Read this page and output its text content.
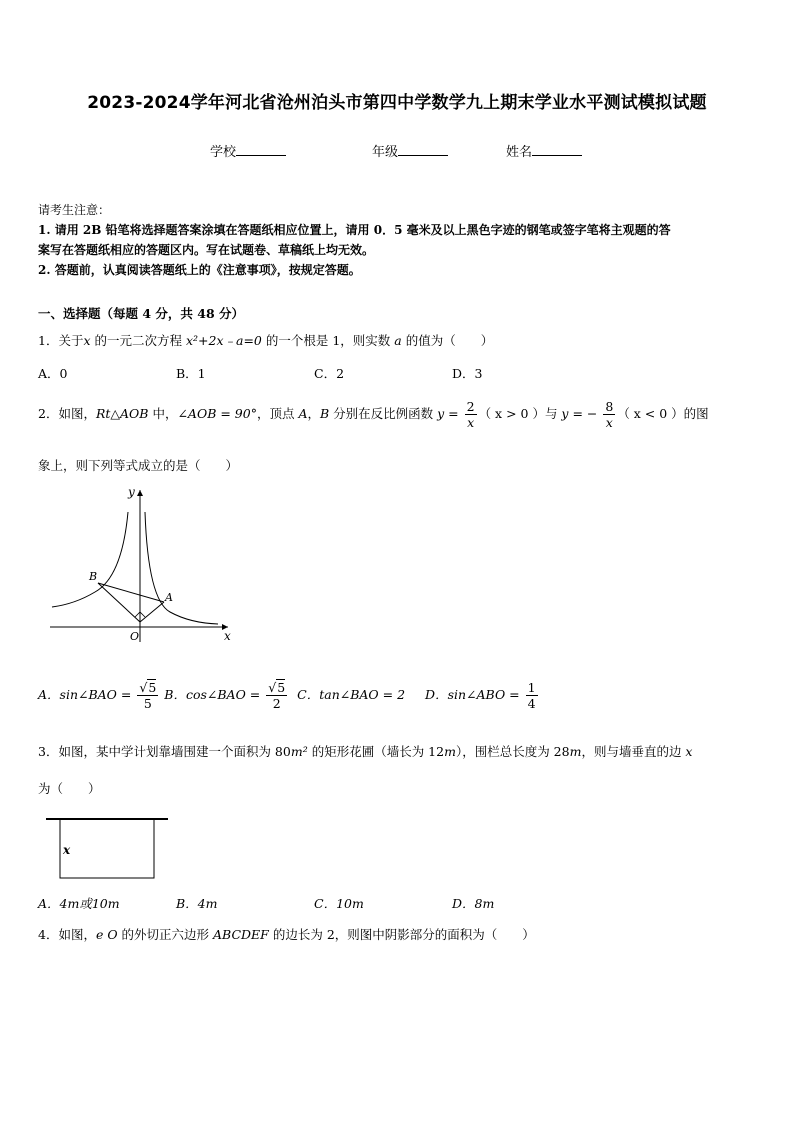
2023-2024学年河北省沧州泊头市第四中学数学九上期末学业水平测试模拟试题
学校	年级	姓名
请考生注意：
1. 请用 2B 铅笔将选择题答案涂填在答题纸相应位置上，请用 0．5 毫米及以上黑色字迹的钢笔或签字笔将主观题的答
案写在答题纸相应的答题区内。写在试题卷、草稿纸上均无效。
2. 答题前，认真阅读答题纸上的《注意事项》，按规定答题。
一、选择题（每题 4 分，共 48 分）
1．关于x 的一元二次方程 x²+2x﹣a=0 的一个根是 1，则实数 a 的值为（　　）
A．0	B．1	C．2	D．3
2．如图，Rt△AOB 中，∠AOB = 90°，顶点 A，B 分别在反比例函数 $y = \frac{2}{x}$ （ x > 0 ）与 y = − $\frac{8}{x}$ （ x < 0 ）的图
象上，则下列等式成立的是（　　）
y
x
O
A
B
A．sin∠BAO = $\frac{√5}{5}$ B．cos∠BAO = $\frac{√5}{2}$ C．tan∠BAO = 2 D．sin∠ABO = $\frac{1}{4}$
3．如图，某中学计划靠墙围建一个面积为 80m² 的矩形花圃（墙长为 12m），围栏总长度为 28m，则与墙垂直的边 x
为（　　）
x
A．4m或10m	B．4m	C．10m	D．8m
4．如图，e O 的外切正六边形 ABCDEF 的边长为 2，则图中阴影部分的面积为（　　）
